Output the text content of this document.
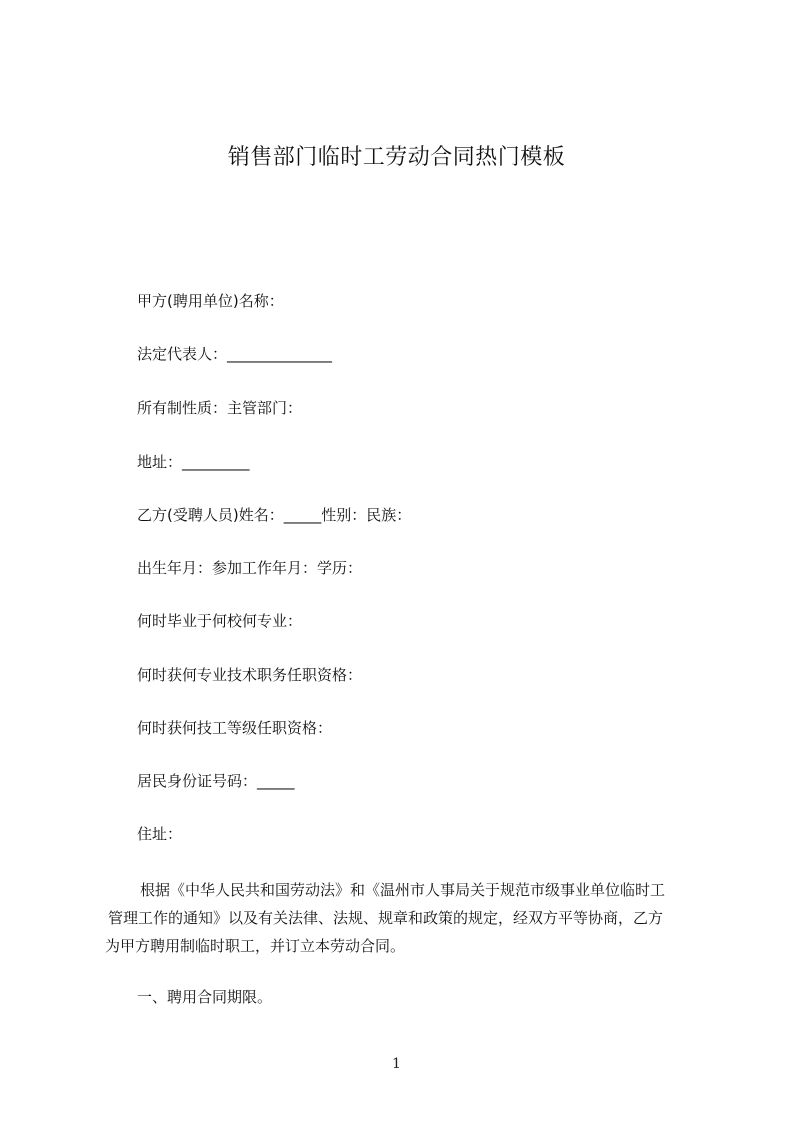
销售部门临时工劳动合同热门模板
甲方(聘用单位)名称：
法定代表人：______________
所有制性质：主管部门：
地址：_________
乙方(受聘人员)姓名：_____性别：民族：
出生年月：参加工作年月：学历：
何时毕业于何校何专业：
何时获何专业技术职务任职资格：
何时获何技工等级任职资格：
居民身份证号码：_____
住址：
根据《中华人民共和国劳动法》和《温州市人事局关于规范市级事业单位临时工
管理工作的通知》以及有关法律、法规、规章和政策的规定，经双方平等协商，乙方
为甲方聘用制临时职工，并订立本劳动合同。
一、聘用合同期限。
1
